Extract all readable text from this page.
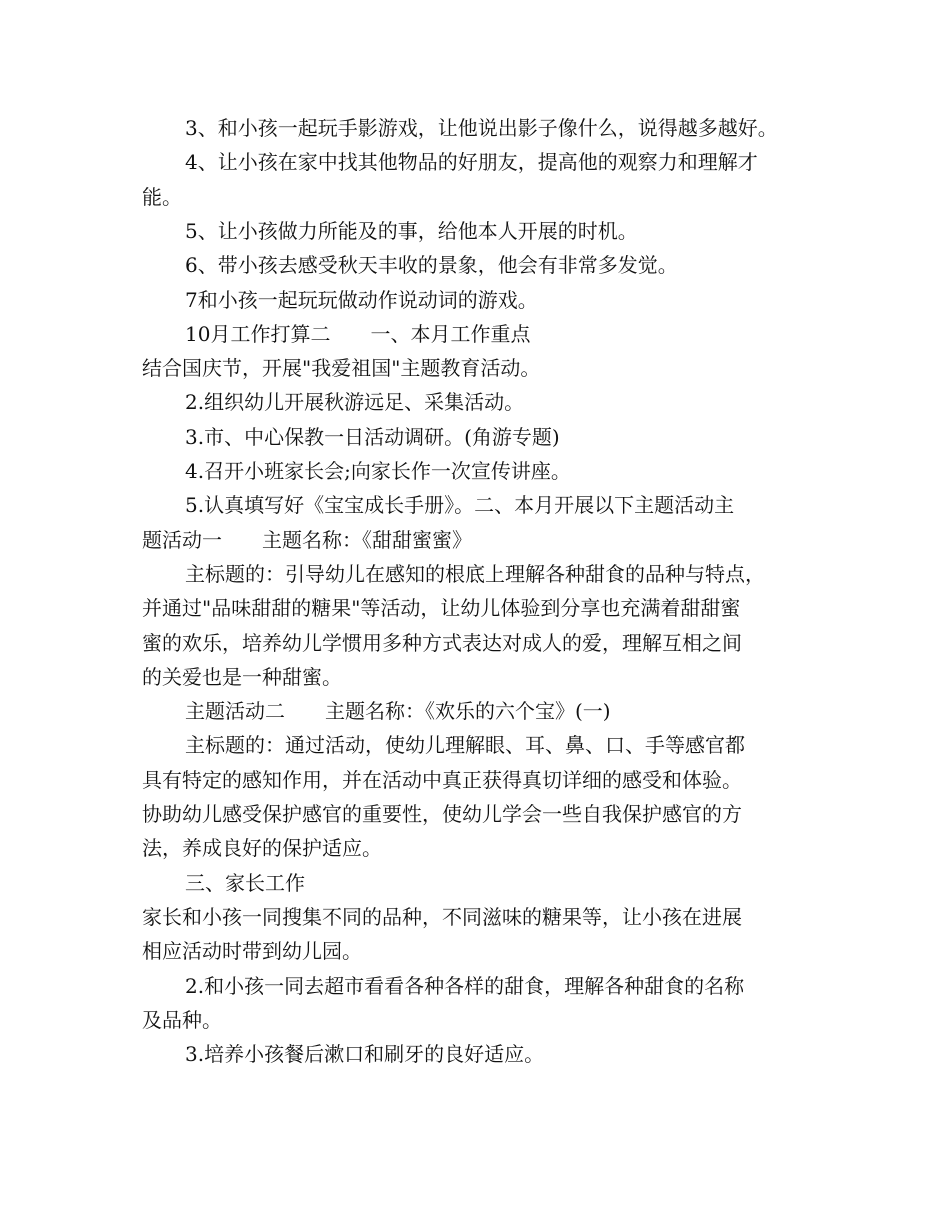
3、和小孩一起玩手影游戏，让他说出影子像什么，说得越多越好。
4、让小孩在家中找其他物品的好朋友，提高他的观察力和理解才
能。
5、让小孩做力所能及的事，给他本人开展的时机。
6、带小孩去感受秋天丰收的景象，他会有非常多发觉。
7和小孩一起玩玩做动作说动词的游戏。
10月工作打算二　　一、本月工作重点
结合国庆节，开展"我爱祖国"主题教育活动。
2.组织幼儿开展秋游远足、采集活动。
3.市、中心保教一日活动调研。(角游专题)
4.召开小班家长会;向家长作一次宣传讲座。
5.认真填写好《宝宝成长手册》。二、本月开展以下主题活动主
题活动一　　主题名称：《甜甜蜜蜜》
主标题的：引导幼儿在感知的根底上理解各种甜食的品种与特点，
并通过"品味甜甜的糖果"等活动，让幼儿体验到分享也充满着甜甜蜜
蜜的欢乐，培养幼儿学惯用多种方式表达对成人的爱，理解互相之间
的关爱也是一种甜蜜。
主题活动二　　主题名称：《欢乐的六个宝》(一)
主标题的：通过活动，使幼儿理解眼、耳、鼻、口、手等感官都
具有特定的感知作用，并在活动中真正获得真切详细的感受和体验。
协助幼儿感受保护感官的重要性，使幼儿学会一些自我保护感官的方
法，养成良好的保护适应。
三、家长工作
家长和小孩一同搜集不同的品种，不同滋味的糖果等，让小孩在进展
相应活动时带到幼儿园。
2.和小孩一同去超市看看各种各样的甜食，理解各种甜食的名称
及品种。
3.培养小孩餐后漱口和刷牙的良好适应。
